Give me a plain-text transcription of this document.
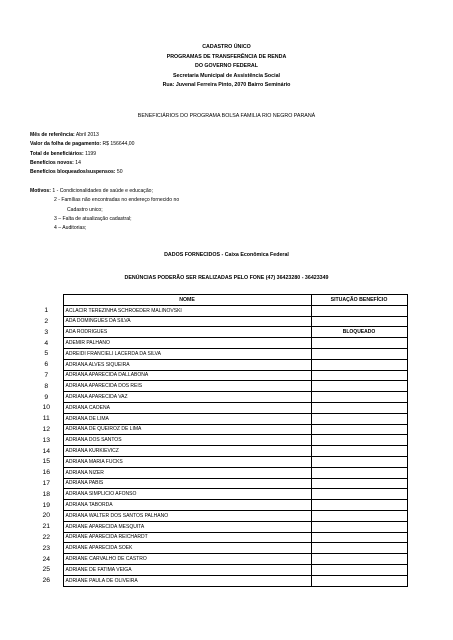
CADASTRO ÚNICO
PROGRAMAS DE TRANSFERÊNCIA DE RENDA
DO GOVERNO FEDERAL
Secretaria Municipal de Assistência Social
Rua: Juvenal Ferreira Pinto, 2070 Bairro Seminário
BENEFICIÁRIOS DO PROGRAMA BOLSA FAMILIA RIO NEGRO PARANÁ
Mês de referência: Abril 2013
Valor da folha de pagamento: R$ 156644,00
Total de beneficiários: 1199
Benefícios novos: 14
Benefícios bloqueados/suspensos: 50
Motivos: 1 - Condicionalidades de saúde e educação;
2 - Famílias não encontradas no endereço fornecido no
Cadastro unico;
3 – Falta de atualização cadastral;
4 – Auditorias;
DADOS FORNECIDOS - Caixa Econômica Federal
DENÚNCIAS PODERÃO SER REALIZADAS PELO FONE (47) 36423280 - 36423349
	NOME	SITUAÇÃO BENEFÍCIO
1	ACLACIR TEREZINHA SCHROEDER MALINOVSKI	
2	ADA DOMINGUES DA SILVA	
3	ADA RODRIGUES	BLOQUEADO
4	ADEMIR PALHANO	
5	ADREIDI FRANCIELI LACERDA DA SILVA	
6	ADRIANA ALVES SIQUEIRA	
7	ADRIANA APARECIDA DALLABONA	
8	ADRIANA APARECIDA DOS REIS	
9	ADRIANA APARECIDA VAZ	
10	ADRIANA CAOENA	
11	ADRIANA DE LIMA	
12	ADRIANA DE QUEIROZ DE LIMA	
13	ADRIANA DOS SANTOS	
14	ADRIANA KURKIEVICZ	
15	ADRIANA MARIA FUCKS	
16	ADRIANA NIZER	
17	ADRIANA PABIS	
18	ADRIANA SIMPLICIO AFONSO	
19	ADRIANA TABORDA	
20	ADRIANA WALTER DOS SANTOS PALHANO	
21	ADRIANE APARECIDA MESQUITA	
22	ADRIANE APARECIDA REICHARDT	
23	ADRIANE APARECIDA SOEK	
24	ADRIANE CARVALHO DE CASTRO	
25	ADRIANE DE FATIMA VEIGA	
26	ADRIANE PAULA DE OLIVEIRA	
